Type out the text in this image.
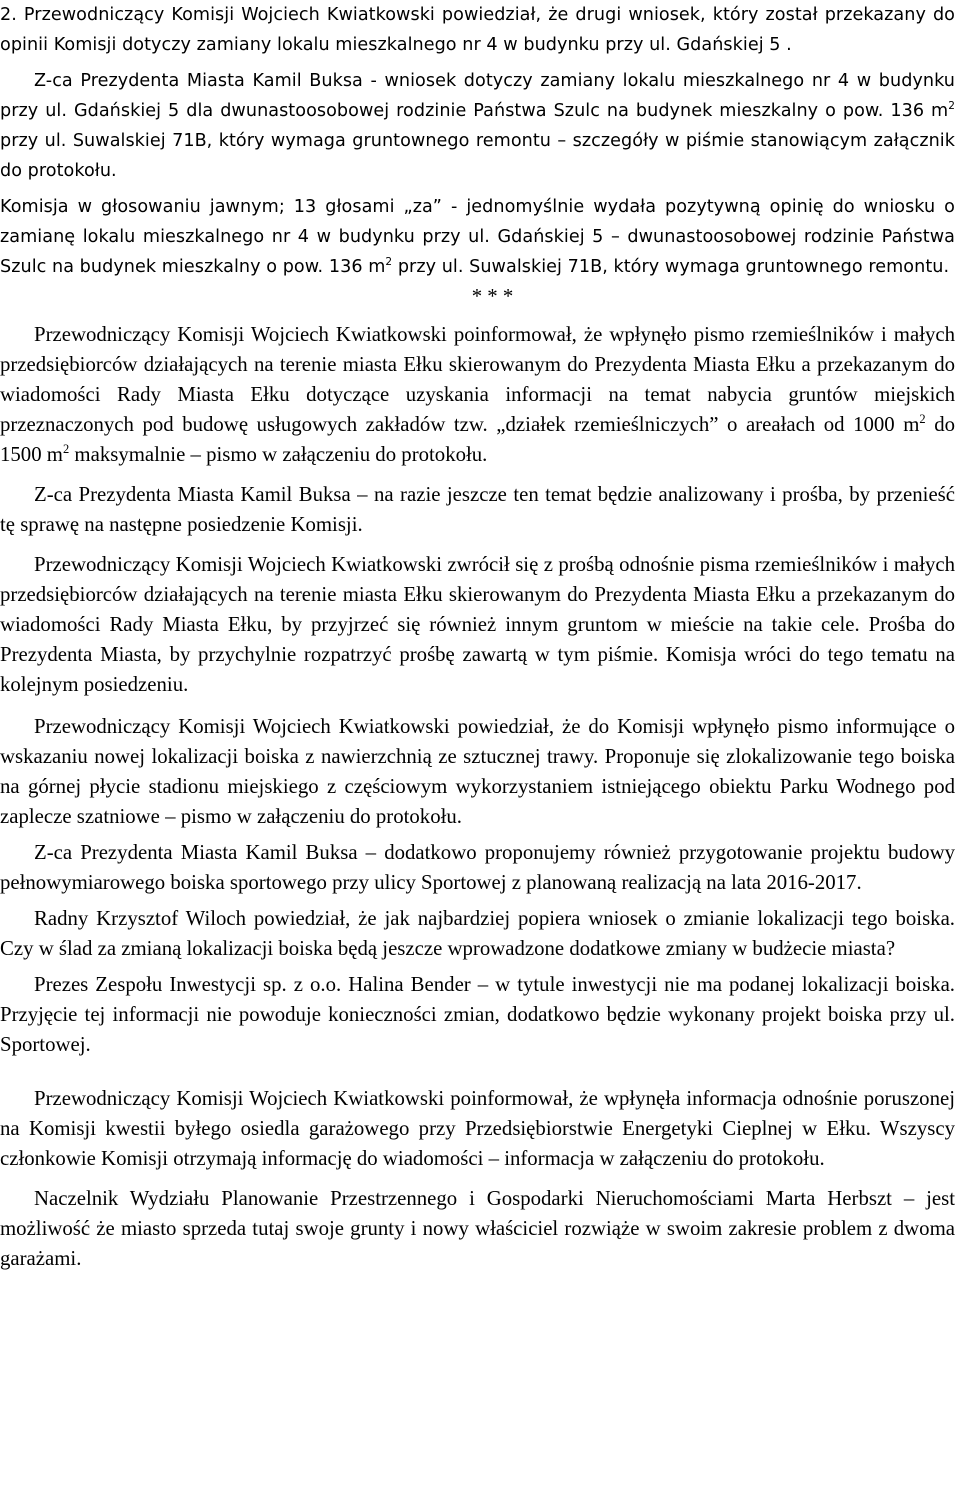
2. Przewodniczący Komisji Wojciech Kwiatkowski powiedział, że drugi wniosek, który został przekazany do opinii Komisji dotyczy zamiany lokalu mieszkalnego nr 4 w budynku przy ul. Gdańskiej 5 .

Z-ca Prezydenta Miasta Kamil Buksa - wniosek dotyczy zamiany lokalu mieszkalnego nr 4 w budynku przy ul. Gdańskiej 5 dla dwunastoosobowej rodzinie Państwa Szulc na budynek mieszkalny o pow. 136 $m^2$ przy ul. Suwalskiej 71B, który wymaga gruntownego remontu – szczegóły w piśmie stanowiącym załącznik do protokołu.

Komisja w głosowaniu jawnym; 13 głosami „za” - jednomyślnie wydała pozytywną opinię do wniosku o zamianę lokalu mieszkalnego nr 4 w budynku przy ul. Gdańskiej 5 – dwunastoosobowej rodzinie Państwa Szulc na budynek mieszkalny o pow. 136 $m^2$ przy ul. Suwalskiej 71B, który wymaga gruntownego remontu.

* * *

Przewodniczący Komisji Wojciech Kwiatkowski poinformował, że wpłynęło pismo rzemieślników i małych przedsiębiorców działających na terenie miasta Ełku skierowanym do Prezydenta Miasta Ełku a przekazanym do wiadomości Rady Miasta Ełku dotyczące uzyskania informacji na temat nabycia gruntów miejskich przeznaczonych pod budowę usługowych zakładów tzw. „działek rzemieślniczych” o areałach od 1000 $m^2$ do 1500 $m^2$ maksymalnie – pismo w załączeniu do protokołu.

Z-ca Prezydenta Miasta Kamil Buksa – na razie jeszcze ten temat będzie analizowany i prośba, by przenieść tę sprawę na następne posiedzenie Komisji.

Przewodniczący Komisji Wojciech Kwiatkowski zwrócił się z prośbą odnośnie pisma rzemieślników i małych przedsiębiorców działających na terenie miasta Ełku skierowanym do Prezydenta Miasta Ełku a przekazanym do wiadomości Rady Miasta Ełku, by przyjrzeć się również innym gruntom w mieście na takie cele. Prośba do Prezydenta Miasta, by przychylnie rozpatrzyć prośbę zawartą w tym piśmie. Komisja wróci do tego tematu na kolejnym posiedzeniu.

Przewodniczący Komisji Wojciech Kwiatkowski powiedział, że do Komisji wpłynęło pismo informujące o wskazaniu nowej lokalizacji boiska z nawierzchnią ze sztucznej trawy. Proponuje się zlokalizowanie tego boiska na górnej płycie stadionu miejskiego z częściowym wykorzystaniem istniejącego obiektu Parku Wodnego pod zaplecze szatniowe – pismo w załączeniu do protokołu.

Z-ca Prezydenta Miasta Kamil Buksa – dodatkowo proponujemy również przygotowanie projektu budowy pełnowymiarowego boiska sportowego przy ulicy Sportowej z planowaną realizacją na lata 2016-2017.

Radny Krzysztof Wiloch powiedział, że jak najbardziej popiera wniosek o zmianie lokalizacji tego boiska. Czy w ślad za zmianą lokalizacji boiska będą jeszcze wprowadzone dodatkowe zmiany w budżecie miasta?

Prezes Zespołu Inwestycji sp. z o.o. Halina Bender – w tytule inwestycji nie ma podanej lokalizacji boiska. Przyjęcie tej informacji nie powoduje konieczności zmian, dodatkowo będzie wykonany projekt boiska przy ul. Sportowej.

Przewodniczący Komisji Wojciech Kwiatkowski poinformował, że wpłynęła informacja odnośnie poruszonej na Komisji kwestii byłego osiedla garażowego przy Przedsiębiorstwie Energetyki Cieplnej w Ełku. Wszyscy członkowie Komisji otrzymają informację do wiadomości – informacja w załączeniu do protokołu.

Naczelnik Wydziału Planowanie Przestrzennego i Gospodarki Nieruchomościami Marta Herbszt – jest możliwość że miasto sprzeda tutaj swoje grunty i nowy właściciel rozwiąże w swoim zakresie problem z dwoma garażami.
